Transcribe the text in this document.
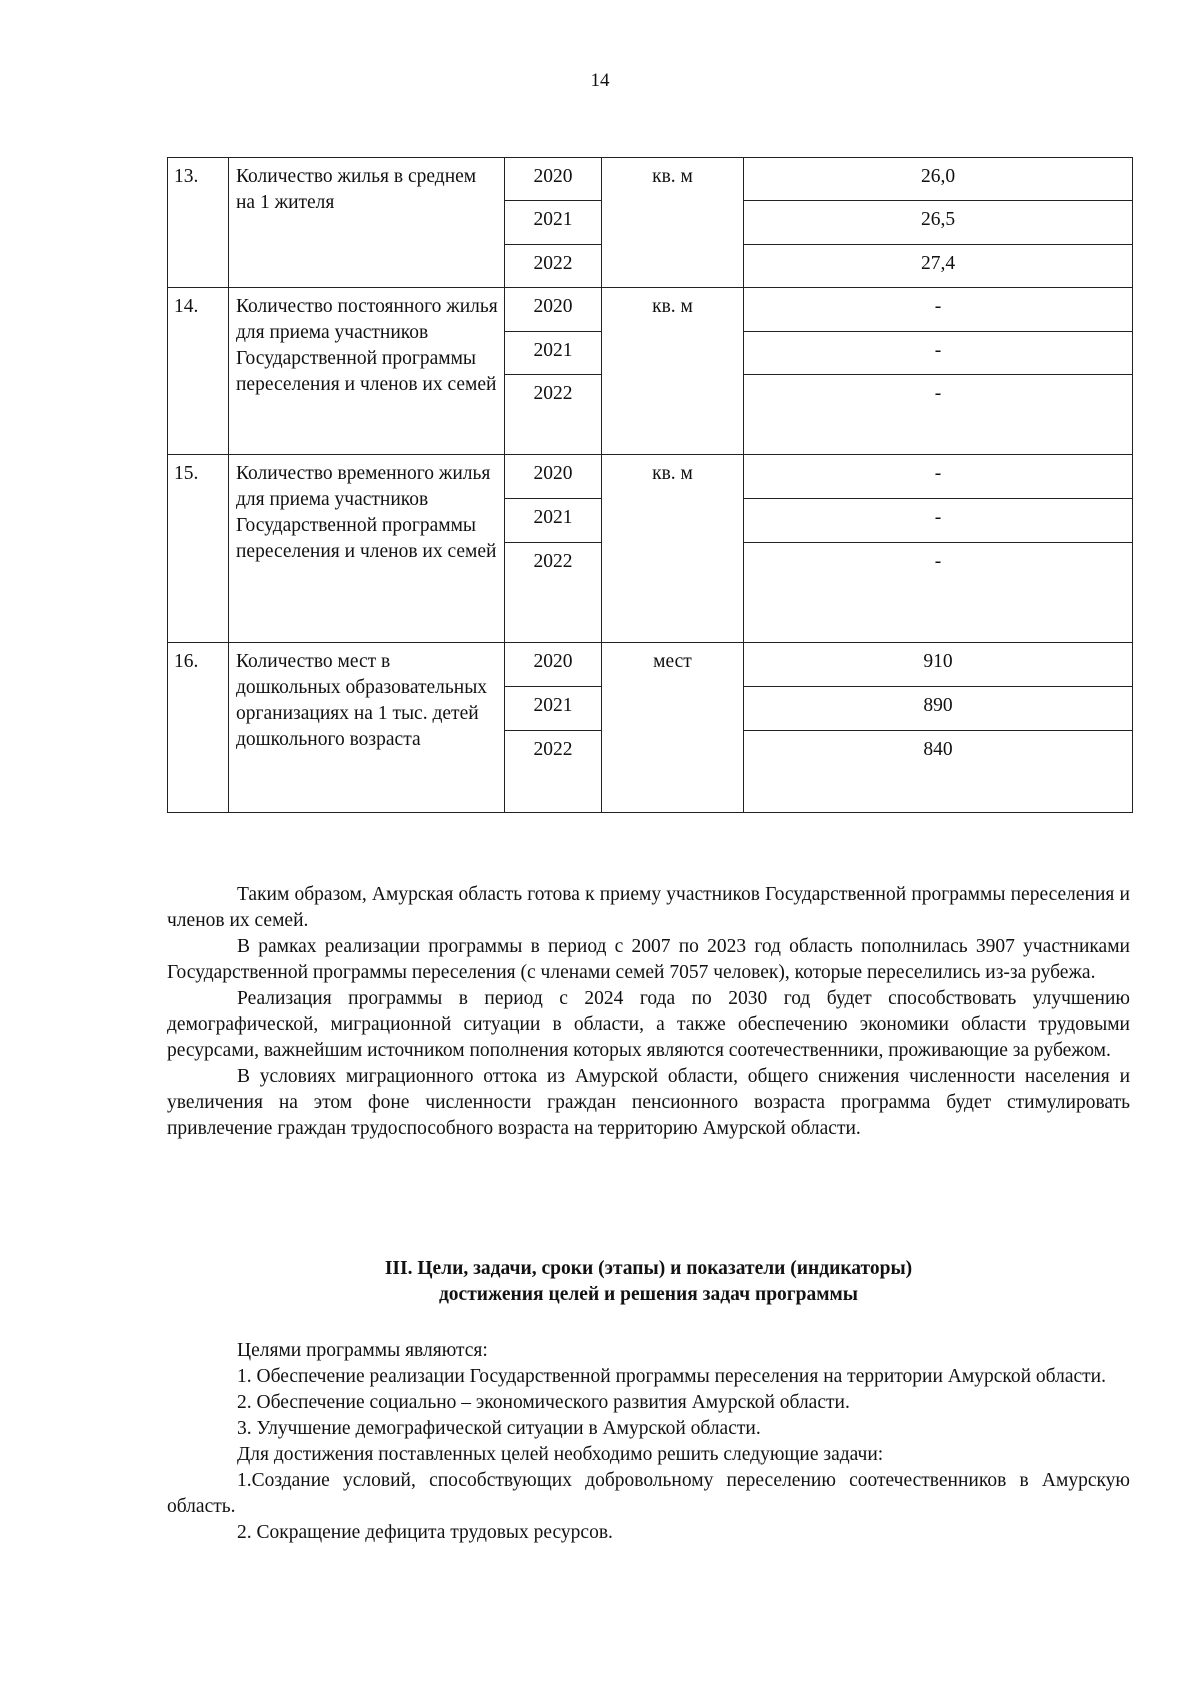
14
13.	Количество жилья в среднем на 1 жителя	2020	кв. м	26,0
		2021		26,5
		2022		27,4
14.	Количество постоянного жилья для приема участников Государственной программы переселения и членов их семей	2020	кв. м	-
		2021		-
		2022		-
15.	Количество временного жилья для приема участников Государственной программы переселения и членов их семей	2020	кв. м	-
		2021		-
		2022		-
16.	Количество мест в дошкольных образовательных организациях на 1 тыс. детей дошкольного возраста	2020	мест	910
		2021		890
		2022		840

Таким образом, Амурская область готова к приему участников Государственной программы переселения и членов их семей.

В рамках реализации программы в период с 2007 по 2023 год область пополнилась 3907 участниками Государственной программы переселения (с членами семей 7057 человек), которые переселились из-за рубежа.

Реализация программы в период с 2024 года по 2030 год будет способствовать улучшению демографической, миграционной ситуации в области, а также обеспечению экономики области трудовыми ресурсами, важнейшим источником пополнения которых являются соотечественники, проживающие за рубежом.

В условиях миграционного оттока из Амурской области, общего снижения численности населения и увеличения на этом фоне численности граждан пенсионного возраста программа будет стимулировать привлечение граждан трудоспособного возраста на территорию Амурской области.

III. Цели, задачи, сроки (этапы) и показатели (индикаторы)
достижения целей и решения задач программы

Целями программы являются:

1. Обеспечение реализации Государственной программы переселения на территории Амурской области.

2. Обеспечение социально – экономического развития Амурской области.

3. Улучшение демографической ситуации в Амурской области.

Для достижения поставленных целей необходимо решить следующие задачи:

1.Создание условий, способствующих добровольному переселению соотечественников в Амурскую область.

2. Сокращение дефицита трудовых ресурсов.
